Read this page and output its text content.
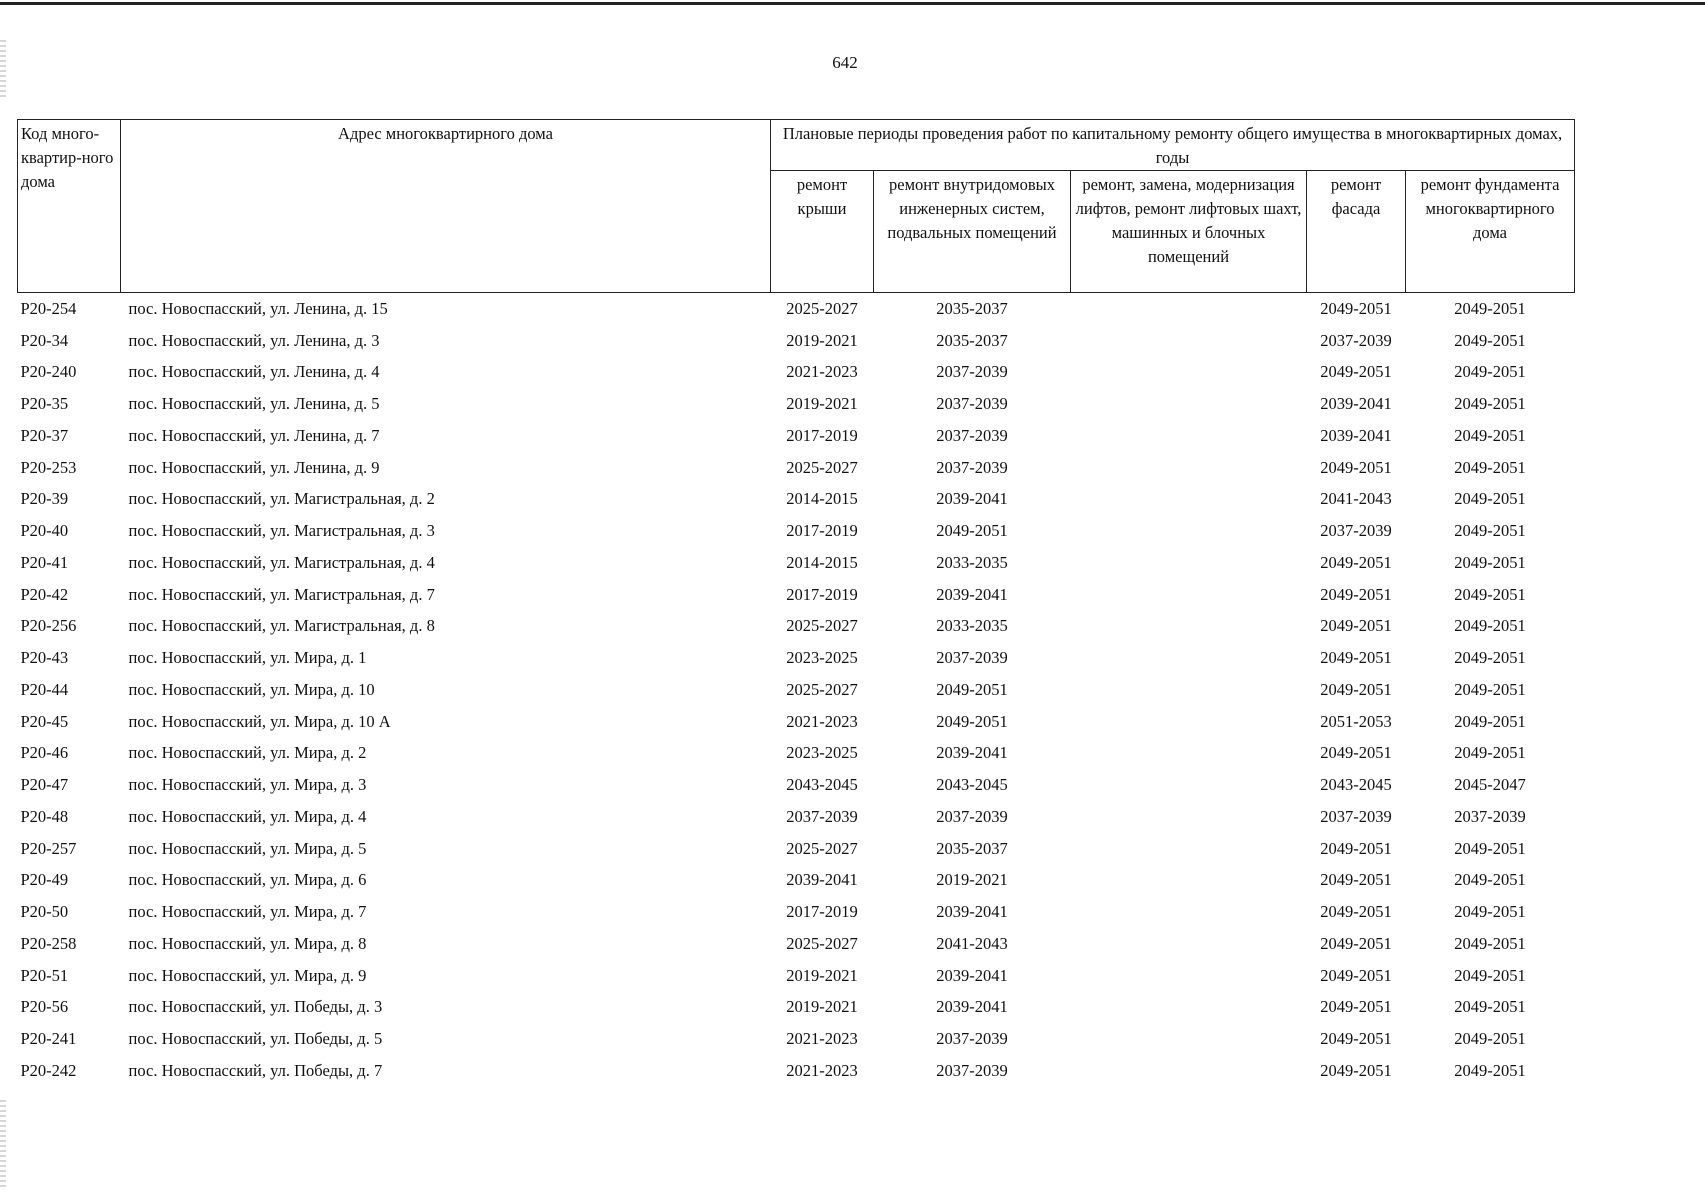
642
Код много-квартир-ного дома	Адрес многоквартирного дома	Плановые периоды проведения работ по капитальному ремонту общего имущества в многоквартирных домах, годы				
		ремонт крыши	ремонт внутридомовых инженерных систем, подвальных помещений	ремонт, замена, модернизация лифтов, ремонт лифтовых шахт, машинных и блочных помещений	ремонт фасада	ремонт фундамента многоквартирного дома
P20-254	пос. Новоспасский, ул. Ленина, д. 15	2025-2027	2035-2037		2049-2051	2049-2051
P20-34	пос. Новоспасский, ул. Ленина, д. 3	2019-2021	2035-2037		2037-2039	2049-2051
P20-240	пос. Новоспасский, ул. Ленина, д. 4	2021-2023	2037-2039		2049-2051	2049-2051
P20-35	пос. Новоспасский, ул. Ленина, д. 5	2019-2021	2037-2039		2039-2041	2049-2051
P20-37	пос. Новоспасский, ул. Ленина, д. 7	2017-2019	2037-2039		2039-2041	2049-2051
P20-253	пос. Новоспасский, ул. Ленина, д. 9	2025-2027	2037-2039		2049-2051	2049-2051
P20-39	пос. Новоспасский, ул. Магистральная, д. 2	2014-2015	2039-2041		2041-2043	2049-2051
P20-40	пос. Новоспасский, ул. Магистральная, д. 3	2017-2019	2049-2051		2037-2039	2049-2051
P20-41	пос. Новоспасский, ул. Магистральная, д. 4	2014-2015	2033-2035		2049-2051	2049-2051
P20-42	пос. Новоспасский, ул. Магистральная, д. 7	2017-2019	2039-2041		2049-2051	2049-2051
P20-256	пос. Новоспасский, ул. Магистральная, д. 8	2025-2027	2033-2035		2049-2051	2049-2051
P20-43	пос. Новоспасский, ул. Мира, д. 1	2023-2025	2037-2039		2049-2051	2049-2051
P20-44	пос. Новоспасский, ул. Мира, д. 10	2025-2027	2049-2051		2049-2051	2049-2051
P20-45	пос. Новоспасский, ул. Мира, д. 10 А	2021-2023	2049-2051		2051-2053	2049-2051
P20-46	пос. Новоспасский, ул. Мира, д. 2	2023-2025	2039-2041		2049-2051	2049-2051
P20-47	пос. Новоспасский, ул. Мира, д. 3	2043-2045	2043-2045		2043-2045	2045-2047
P20-48	пос. Новоспасский, ул. Мира, д. 4	2037-2039	2037-2039		2037-2039	2037-2039
P20-257	пос. Новоспасский, ул. Мира, д. 5	2025-2027	2035-2037		2049-2051	2049-2051
P20-49	пос. Новоспасский, ул. Мира, д. 6	2039-2041	2019-2021		2049-2051	2049-2051
P20-50	пос. Новоспасский, ул. Мира, д. 7	2017-2019	2039-2041		2049-2051	2049-2051
P20-258	пос. Новоспасский, ул. Мира, д. 8	2025-2027	2041-2043		2049-2051	2049-2051
P20-51	пос. Новоспасский, ул. Мира, д. 9	2019-2021	2039-2041		2049-2051	2049-2051
P20-56	пос. Новоспасский, ул. Победы, д. 3	2019-2021	2039-2041		2049-2051	2049-2051
P20-241	пос. Новоспасский, ул. Победы, д. 5	2021-2023	2037-2039		2049-2051	2049-2051
P20-242	пос. Новоспасский, ул. Победы, д. 7	2021-2023	2037-2039		2049-2051	2049-2051
